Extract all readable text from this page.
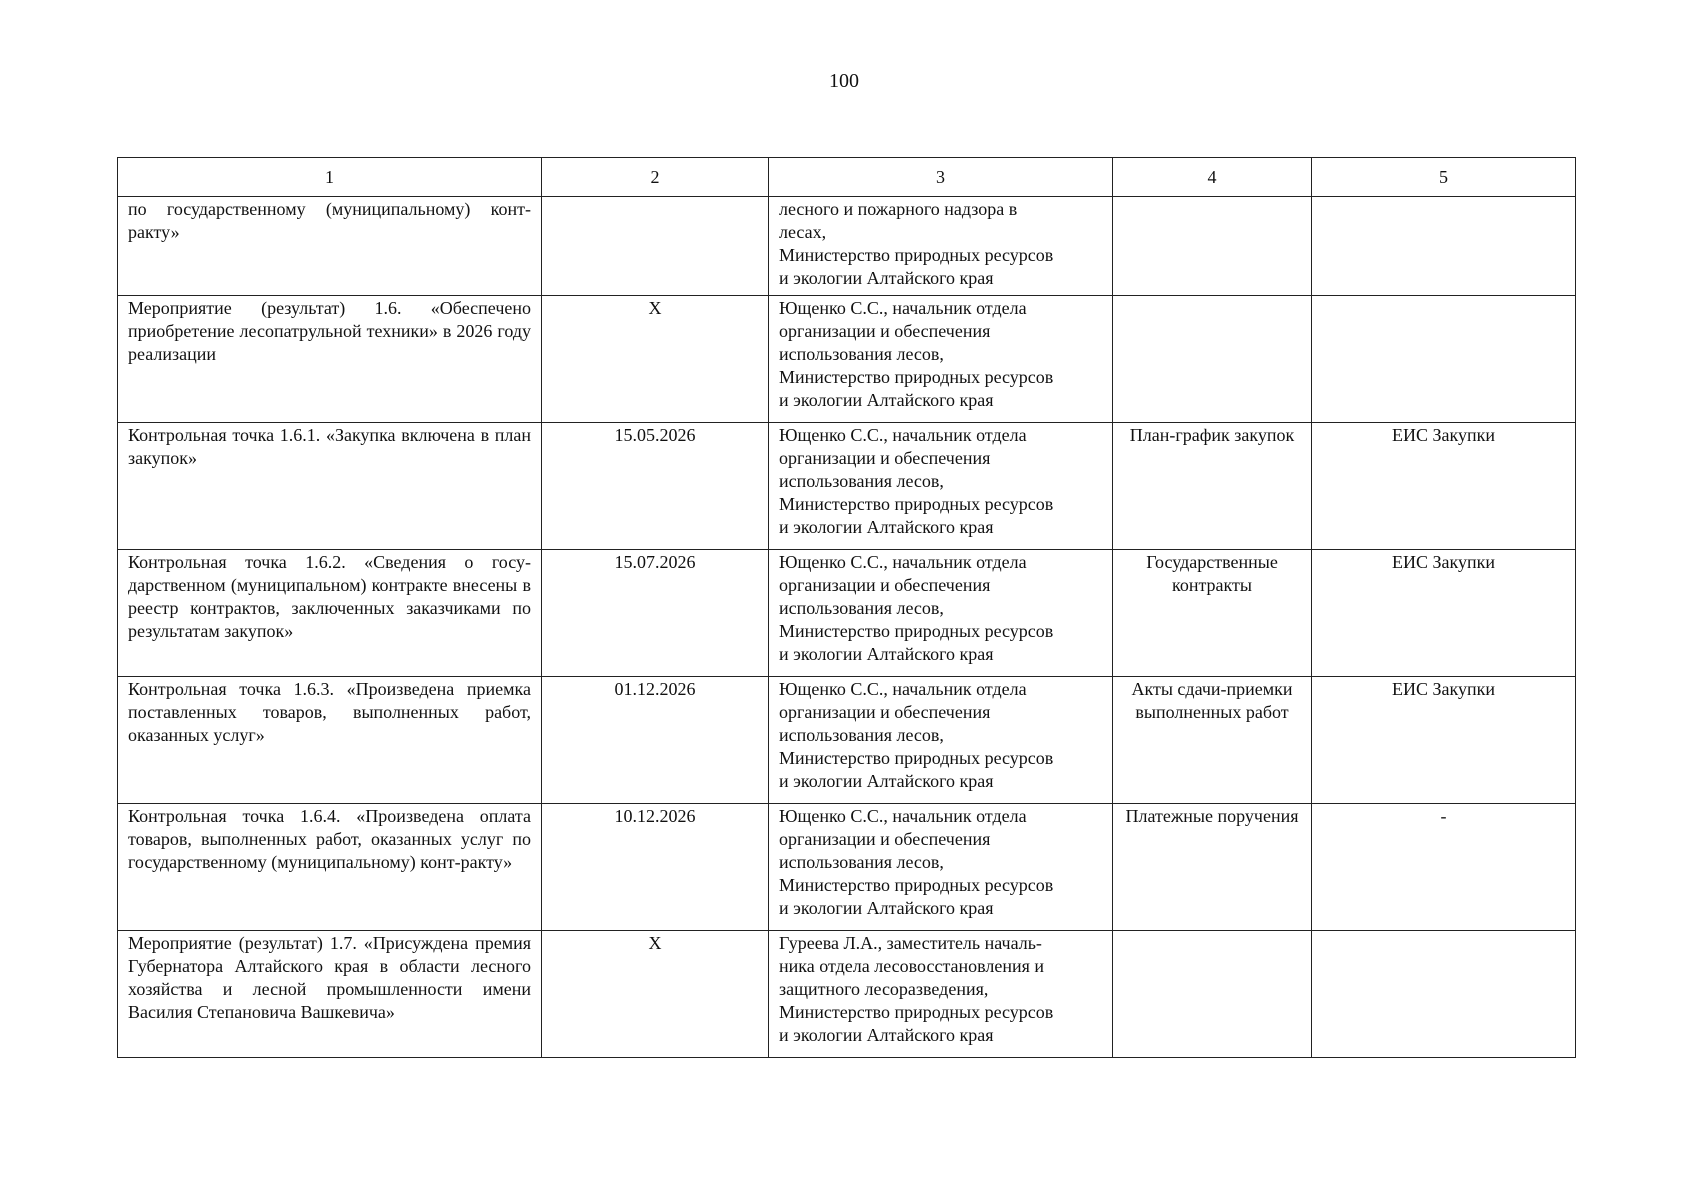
100
1	2	3	4	5
по государственному (муниципальному) конт-ракту»		лесного и пожарного надзора в
лесах,
Министерство природных ресурсов
и экологии Алтайского края		

Мероприятие (результат) 1.6. «Обеспечено приобретение лесопатрульной техники» в 2026 году реализации	X	Ющенко С.С., начальник отдела
организации и обеспечения
использования лесов,
Министерство природных ресурсов
и экологии Алтайского края		

Контрольная точка 1.6.1. «Закупка включена в план закупок»	15.05.2026	Ющенко С.С., начальник отдела
организации и обеспечения
использования лесов,
Министерство природных ресурсов
и экологии Алтайского края	План-график закупок	ЕИС Закупки
Контрольная точка 1.6.2. «Сведения о госу-дарственном (муниципальном) контракте внесены в реестр контрактов, заключенных заказчиками по результатам закупок»	15.07.2026	Ющенко С.С., начальник отдела
организации и обеспечения
использования лесов,
Министерство природных ресурсов
и экологии Алтайского края	Государственные контракты	ЕИС Закупки
Контрольная точка 1.6.3. «Произведена приемка поставленных товаров, выполненных работ, оказанных услуг»	01.12.2026	Ющенко С.С., начальник отдела
организации и обеспечения
использования лесов,
Министерство природных ресурсов
и экологии Алтайского края	Акты сдачи-приемки выполненных работ	ЕИС Закупки
Контрольная точка 1.6.4. «Произведена оплата товаров, выполненных работ, оказанных услуг по государственному (муниципальному) конт-ракту»	10.12.2026	Ющенко С.С., начальник отдела
организации и обеспечения
использования лесов,
Министерство природных ресурсов
и экологии Алтайского края	Платежные поручения	-
Мероприятие (результат) 1.7. «Присуждена премия Губернатора Алтайского края в области лесного хозяйства и лесной промышленности имени Василия Степановича Вашкевича»	X	Гуреева Л.А., заместитель началь-
ника отдела лесовосстановления и
защитного лесоразведения,
Министерство природных ресурсов
и экологии Алтайского края		
